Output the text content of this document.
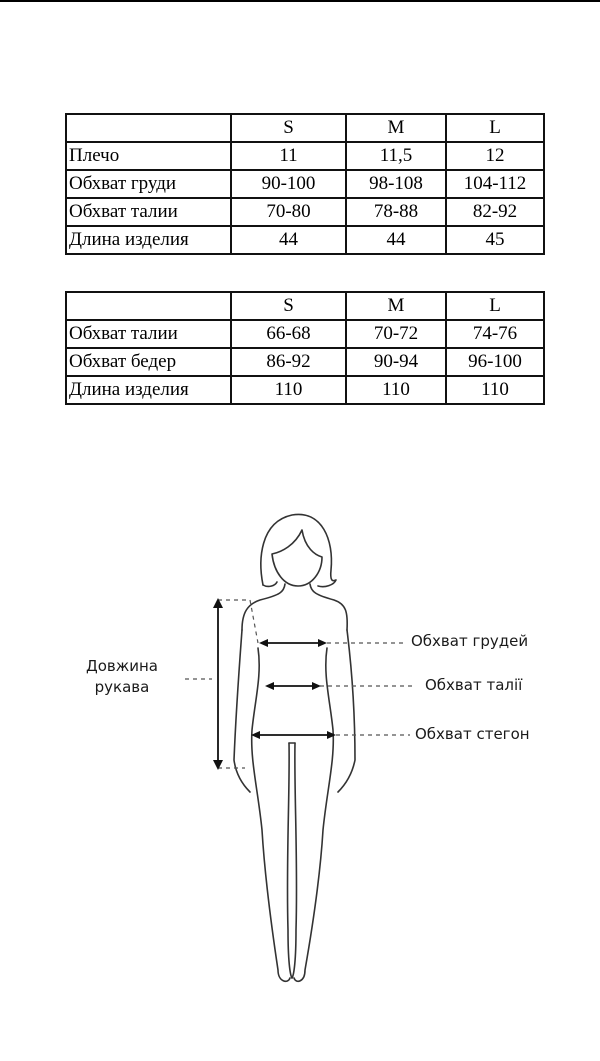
	S	M	L
Плечо	11	11,5	12
Обхват груди	90-100	98-108	104-112
Обхват талии	70-80	78-88	82-92
Длина изделия	44	44	45
	S	M	L
Обхват талии	66-68	70-72	74-76
Обхват бедер	86-92	90-94	96-100
Длина изделия	110	110	110
Довжина
рукава
Обхват грудей
Обхват талії
Обхват стегон
